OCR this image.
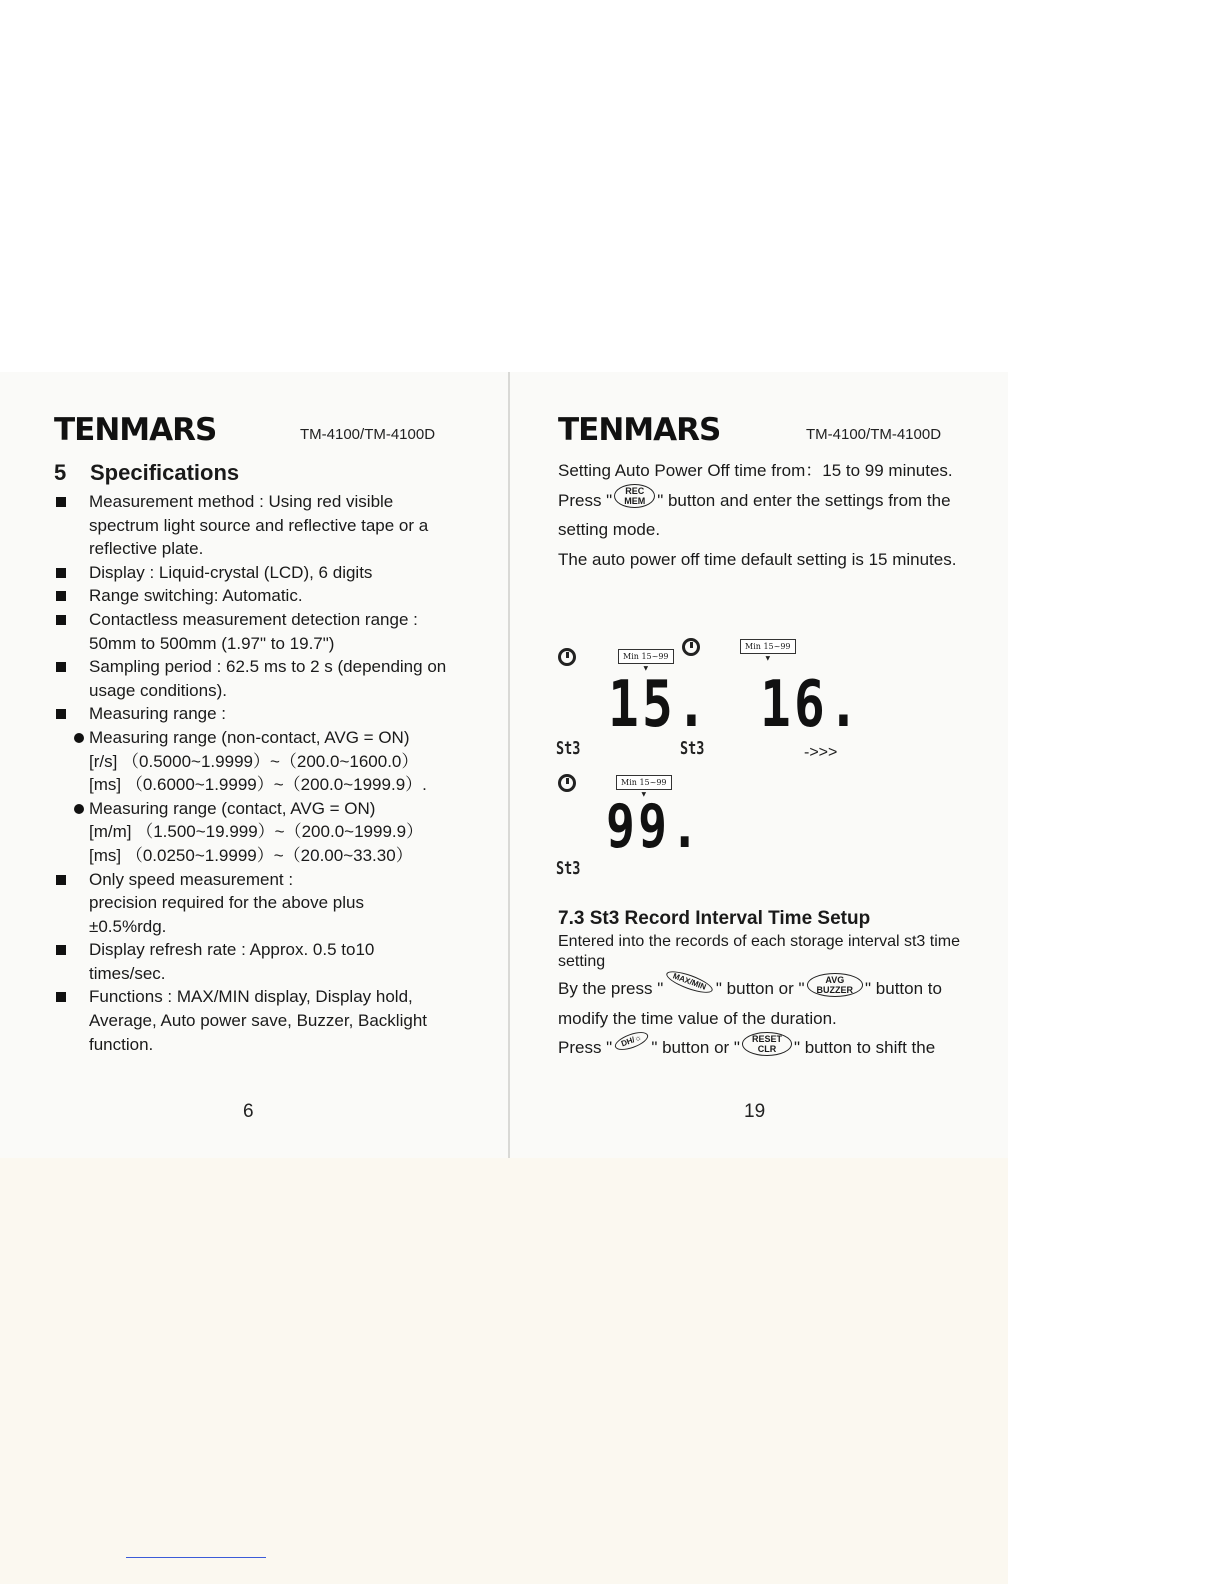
TENMARS	TM-4100/TM-4100D
5 Specifications
Measurement method : Using red visible spectrum light source and reflective tape or a reflective plate.
Display : Liquid-crystal (LCD), 6 digits
Range switching: Automatic.
Contactless measurement detection range : 50mm to 500mm (1.97" to 19.7")
Sampling period : 62.5 ms to 2 s (depending on usage conditions).
Measuring range :
Measuring range (non-contact, AVG = ON)
[r/s] （0.5000~1.9999）~（200.0~1600.0）
[ms] （0.6000~1.9999）~（200.0~1999.9）.
Measuring range (contact, AVG = ON)
[m/m] （1.500~19.999）~（200.0~1999.9）
[ms] （0.0250~1.9999）~（20.00~33.30）
Only speed measurement :
precision required for the above plus
±0.5%rdg.
Display refresh rate : Approx. 0.5 to10 times/sec.
Functions : MAX/MIN display, Display hold, Average, Auto power save, Buzzer, Backlight function.
6
TENMARS	TM-4100/TM-4100D

Setting Auto Power Off time from：15 to 99 minutes.

Press " REC
MEM " button and enter the settings from the setting mode.

The auto power off time default setting is 15 minutes.

Min 15~99 ▼
15.
St3	St3
Min 15~99 ▼
16.
->>>
Min 15~99 ▼
99.
St3
7.3 St3 Record Interval Time Setup
Entered into the records of each storage interval st3 time setting

By the press " MAX/MIN " button or " AVG
BUZZER " button to modify the time value of the duration.

Press " DH/☼ " button or " RESET
CLR " button to shift the

19
